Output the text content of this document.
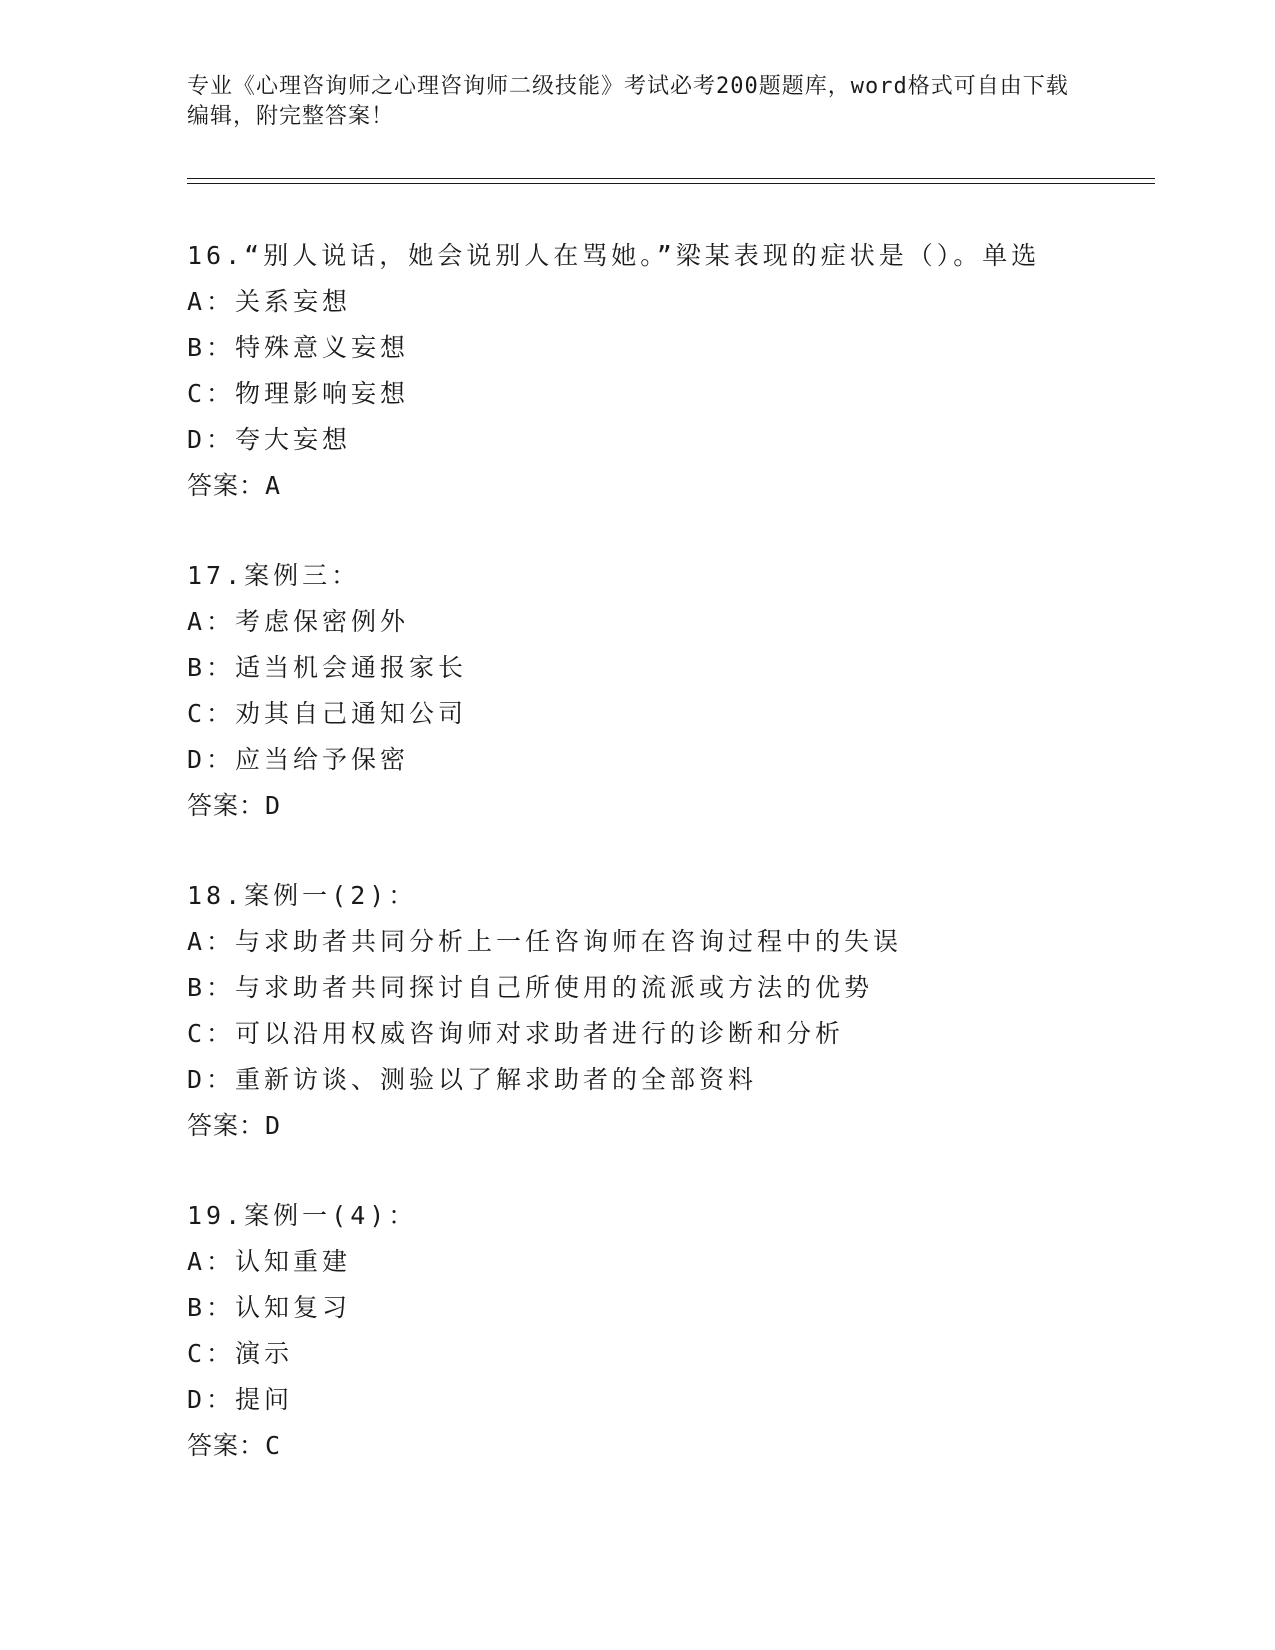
专业《心理咨询师之心理咨询师二级技能》考试必考200题题库，word格式可自由下载编辑，附完整答案！
16.“别人说话，她会说别人在骂她。”梁某表现的症状是（）。单选
A：关系妄想
B：特殊意义妄想
C：物理影响妄想
D：夸大妄想
答案：A
17.案例三：
A：考虑保密例外
B：适当机会通报家长
C：劝其自己通知公司
D：应当给予保密
答案：D
18.案例一(2)：
A：与求助者共同分析上一任咨询师在咨询过程中的失误
B：与求助者共同探讨自己所使用的流派或方法的优势
C：可以沿用权威咨询师对求助者进行的诊断和分析
D：重新访谈、测验以了解求助者的全部资料
答案：D
19.案例一(4)：
A：认知重建
B：认知复习
C：演示
D：提问
答案：C
